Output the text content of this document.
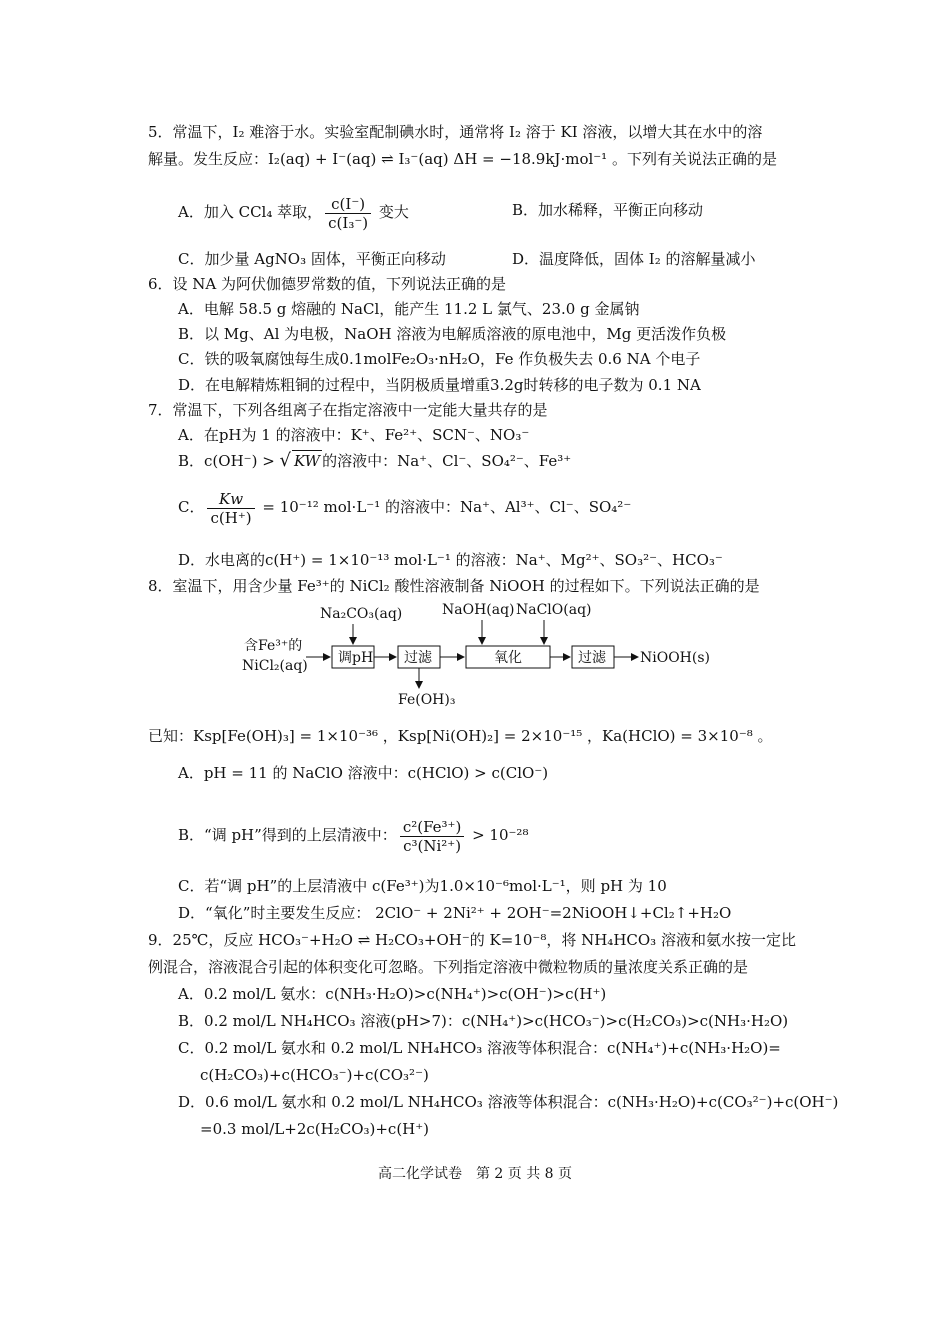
5．常温下，I₂ 难溶于水。实验室配制碘水时，通常将 I₂ 溶于 KI 溶液，以增大其在水中的溶
解量。发生反应：I₂(aq) + I⁻(aq) ⇌ I₃⁻(aq) ΔH = −18.9kJ·mol⁻¹ 。下列有关说法正确的是
A．加入 CCl₄ 萃取， $\frac{c(I^-)}{\text{c(I₃⁻)}}$ 变大	B．加水稀释，平衡正向移动
C．加少量 AgNO₃ 固体，平衡正向移动	D．温度降低，固体 I₂ 的溶解量减小
6．设 NA 为阿伏伽德罗常数的值，下列说法正确的是
A．电解 58.5 g 熔融的 NaCl，能产生 11.2 L 氯气、23.0 g 金属钠
B．以 Mg、Al 为电极，NaOH 溶液为电解质溶液的原电池中，Mg 更活泼作负极
C．铁的吸氧腐蚀每生成0.1molFe₂O₃·nH₂O，Fe 作负极失去 0.6 NA 个电子
D．在电解精炼粗铜的过程中，当阴极质量增重3.2g时转移的电子数为 0.1 NA
7．常温下，下列各组离子在指定溶液中一定能大量共存的是
A．在pH为 1 的溶液中：K⁺、Fe²⁺、SCN⁻、NO₃⁻
B．c(OH⁻) > √ KW 的溶液中：Na⁺、Cl⁻、SO₄²⁻、Fe³⁺
C． $\frac{Kw}{c(H^+)} = 10^{-12}$ mol·L⁻¹ 的溶液中：Na⁺、Al³⁺、Cl⁻、SO₄²⁻
D．水电离的c(H⁺) = 1×10⁻¹³ mol·L⁻¹ 的溶液：Na⁺、Mg²⁺、SO₃²⁻、HCO₃⁻
8．室温下，用含少量 Fe³⁺的 NiCl₂ 酸性溶液制备 NiOOH 的过程如下。下列说法正确的是
含Fe³⁺的
NiCl₂(aq) 调pH
Na₂CO₃(aq)
过滤
Fe(OH)₃
氧化
NaOH(aq) NaClO(aq)
过滤 NiOOH(s)
已知：Ksp[Fe(OH)₃] = 1×10⁻³⁶ ，Ksp[Ni(OH)₂] = 2×10⁻¹⁵ ，Ka(HClO) = 3×10⁻⁸ 。
A．pH = 11 的 NaClO 溶液中：c(HClO) > c(ClO⁻)
B．“调 pH”得到的上层清液中： $\frac{\text{c²(Fe³⁺)}}{\text{c³(Ni²⁺)}} > 10^{-28}$
C．若“调 pH”的上层清液中 c(Fe³⁺)为1.0×10⁻⁶mol·L⁻¹，则 pH 为 10
D．“氧化”时主要发生反应： 2ClO⁻ + 2Ni²⁺ + 2OH⁻=2NiOOH↓+Cl₂↑+H₂O
9．25℃，反应 HCO₃⁻+H₂O ⇌ H₂CO₃+OH⁻的 K=10⁻⁸，将 NH₄HCO₃ 溶液和氨水按一定比
例混合，溶液混合引起的体积变化可忽略。下列指定溶液中微粒物质的量浓度关系正确的是
A．0.2 mol/L 氨水：c(NH₃·H₂O)>c(NH₄⁺)>c(OH⁻)>c(H⁺)
B．0.2 mol/L NH₄HCO₃ 溶液(pH>7)：c(NH₄⁺)>c(HCO₃⁻)>c(H₂CO₃)>c(NH₃·H₂O)
C．0.2 mol/L 氨水和 0.2 mol/L NH₄HCO₃ 溶液等体积混合：c(NH₄⁺)+c(NH₃·H₂O)=
c(H₂CO₃)+c(HCO₃⁻)+c(CO₃²⁻)
D．0.6 mol/L 氨水和 0.2 mol/L NH₄HCO₃ 溶液等体积混合：c(NH₃·H₂O)+c(CO₃²⁻)+c(OH⁻)
=0.3 mol/L+2c(H₂CO₃)+c(H⁺)
高二化学试卷　第 2 页 共 8 页
